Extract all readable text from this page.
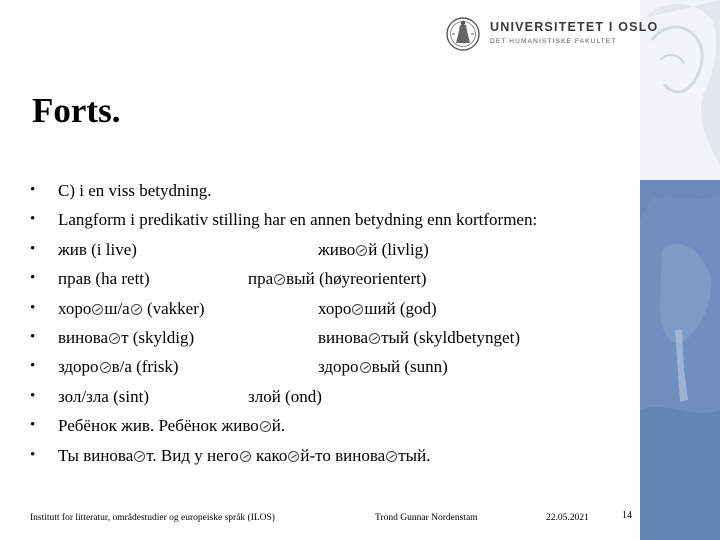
UNIVERSITETET I OSLO
DET HUMANISTISKE FAKULTET
Forts.
•	С) i en viss betydning.
•	Langform i predikativ stilling har en annen betydning enn kortformen:
•	жив (i live)	живо й (livlig)
•	прав (ha rett)	пра вый (høyreorientert)
•	хоро ш/а (vakker)	хоро ший (god)
•	винова т (skyldig)	винова тый (skyldbetynget)
•	здоро в/а (frisk)	здоро вый (sunn)
•	зол/зла (sint)	злой (ond)
•	Ребёнок жив. Ребёнок живо й.
•	Ты винова т. Вид у него како й-то винова тый.
Institutt for litteratur, områdestudier og europeiske språk (ILOS)	Trond Gunnar Nordenstam	22.05.2021	14
